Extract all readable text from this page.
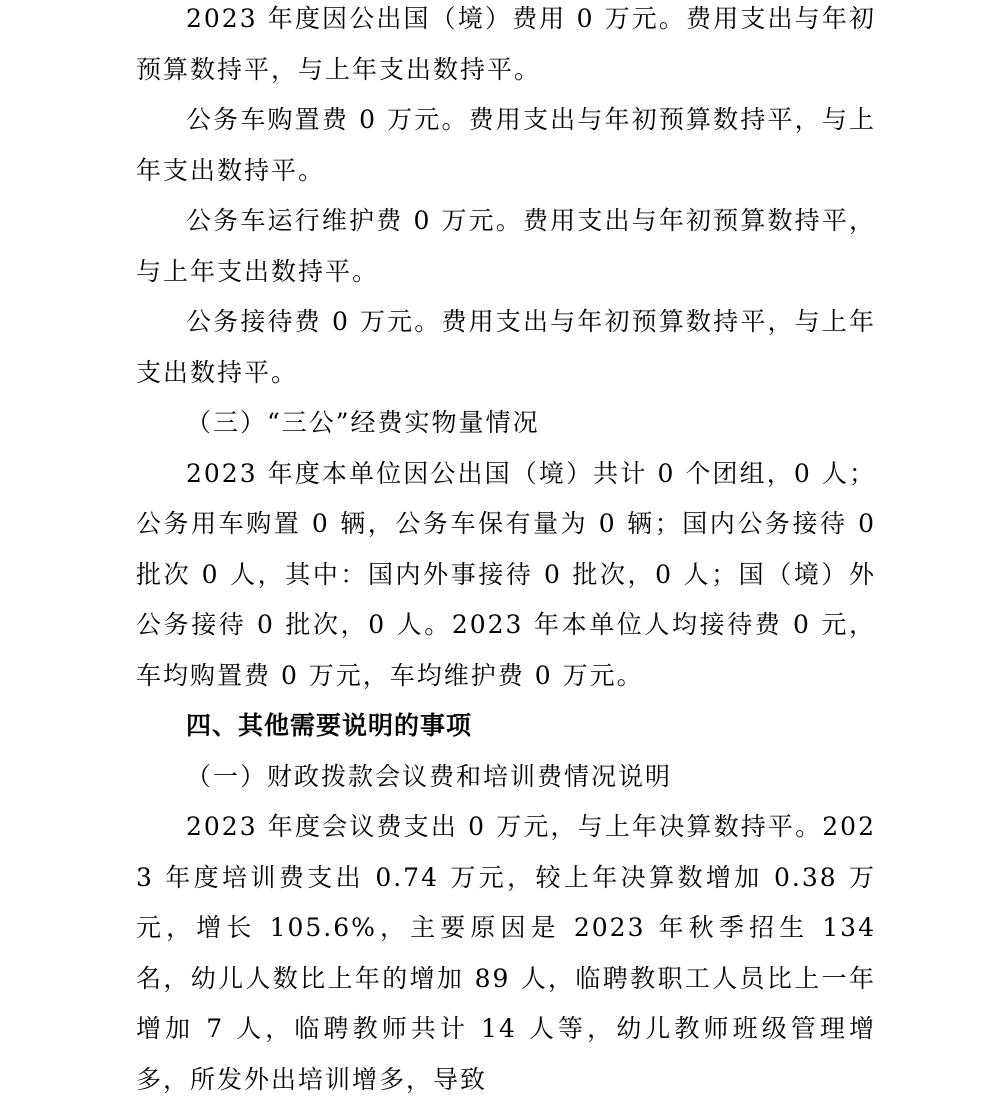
2023 年度因公出国（境）费用 0 万元。费用支出与年初预算数持平，与上年支出数持平。

公务车购置费 0 万元。费用支出与年初预算数持平，与上年支出数持平。

公务车运行维护费 0 万元。费用支出与年初预算数持平，与上年支出数持平。

公务接待费 0 万元。费用支出与年初预算数持平，与上年支出数持平。

（三）“三公”经费实物量情况

2023 年度本单位因公出国（境）共计 0 个团组，0 人；公务用车购置 0 辆，公务车保有量为 0 辆；国内公务接待 0 批次 0 人，其中：国内外事接待 0 批次，0 人；国（境）外公务接待 0 批次，0 人。2023 年本单位人均接待费 0 元，车均购置费 0 万元，车均维护费 0 万元。

四、其他需要说明的事项

（一）财政拨款会议费和培训费情况说明

2023 年度会议费支出 0 万元，与上年决算数持平。2023 年度培训费支出 0.74 万元，较上年决算数增加 0.38 万元，增长 105.6%，主要原因是 2023 年秋季招生 134 名，幼儿人数比上年的增加 89 人，临聘教职工人员比上一年增加 7 人，临聘教师共计 14 人等，幼儿教师班级管理增多，所发外出培训增多，导致
